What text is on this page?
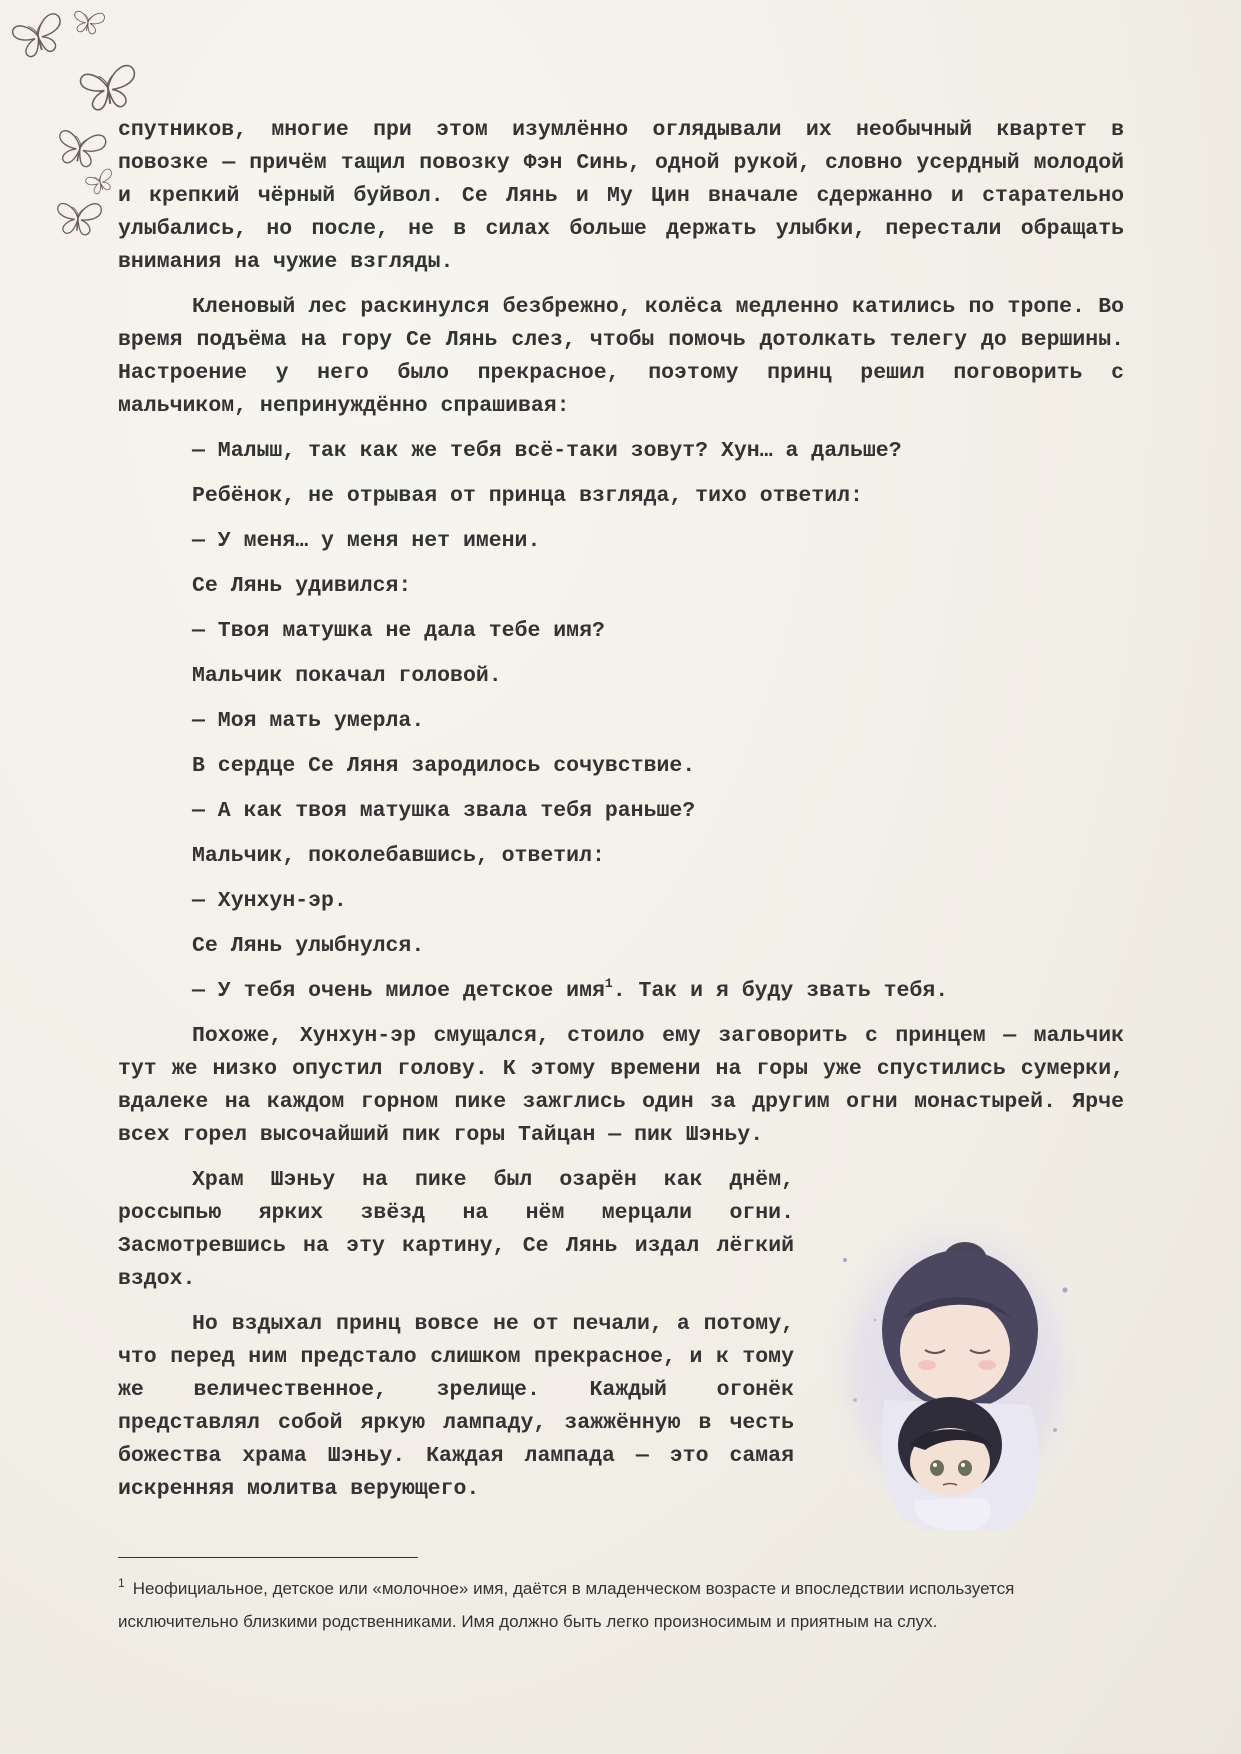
спутников, многие при этом изумлённо оглядывали их необычный квартет в повозке — причём тащил повозку Фэн Синь, одной рукой, словно усердный молодой и крепкий чёрный буйвол. Се Лянь и Му Цин вначале сдержанно и старательно улыбались, но после, не в силах больше держать улыбки, перестали обращать внимания на чужие взгляды.

Кленовый лес раскинулся безбрежно, колёса медленно катились по тропе. Во время подъёма на гору Се Лянь слез, чтобы помочь дотолкать телегу до вершины. Настроение у него было прекрасное, поэтому принц решил поговорить с мальчиком, непринуждённо спрашивая:

— Малыш, так как же тебя всё-таки зовут? Хун… а дальше?

Ребёнок, не отрывая от принца взгляда, тихо ответил:

— У меня… у меня нет имени.

Се Лянь удивился:

— Твоя матушка не дала тебе имя?

Мальчик покачал головой.

— Моя мать умерла.

В сердце Се Ляня зародилось сочувствие.

— А как твоя матушка звала тебя раньше?

Мальчик, поколебавшись, ответил:

— Хунхун-эр.

Се Лянь улыбнулся.

— У тебя очень милое детское имя$^1$. Так и я буду звать тебя.

Похоже, Хунхун-эр смущался, стоило ему заговорить с принцем — мальчик тут же низко опустил голову. К этому времени на горы уже спустились сумерки, вдалеке на каждом горном пике зажглись один за другим огни монастырей. Ярче всех горел высочайший пик горы Тайцан — пик Шэньу.

Храм Шэньу на пике был озарён как днём, россыпью ярких звёзд на нём мерцали огни. Засмотревшись на эту картину, Се Лянь издал лёгкий вздох.

Но вздыхал принц вовсе не от печали, а потому, что перед ним предстало слишком прекрасное, и к тому же величественное, зрелище. Каждый огонёк представлял собой яркую лампаду, зажжённую в честь божества храма Шэньу. Каждая лампада — это самая искренняя молитва верующего.

$^1$ Неофициальное, детское или «молочное» имя, даётся в младенческом возрасте и впоследствии используется исключительно близкими родственниками. Имя должно быть легко произносимым и приятным на слух.
